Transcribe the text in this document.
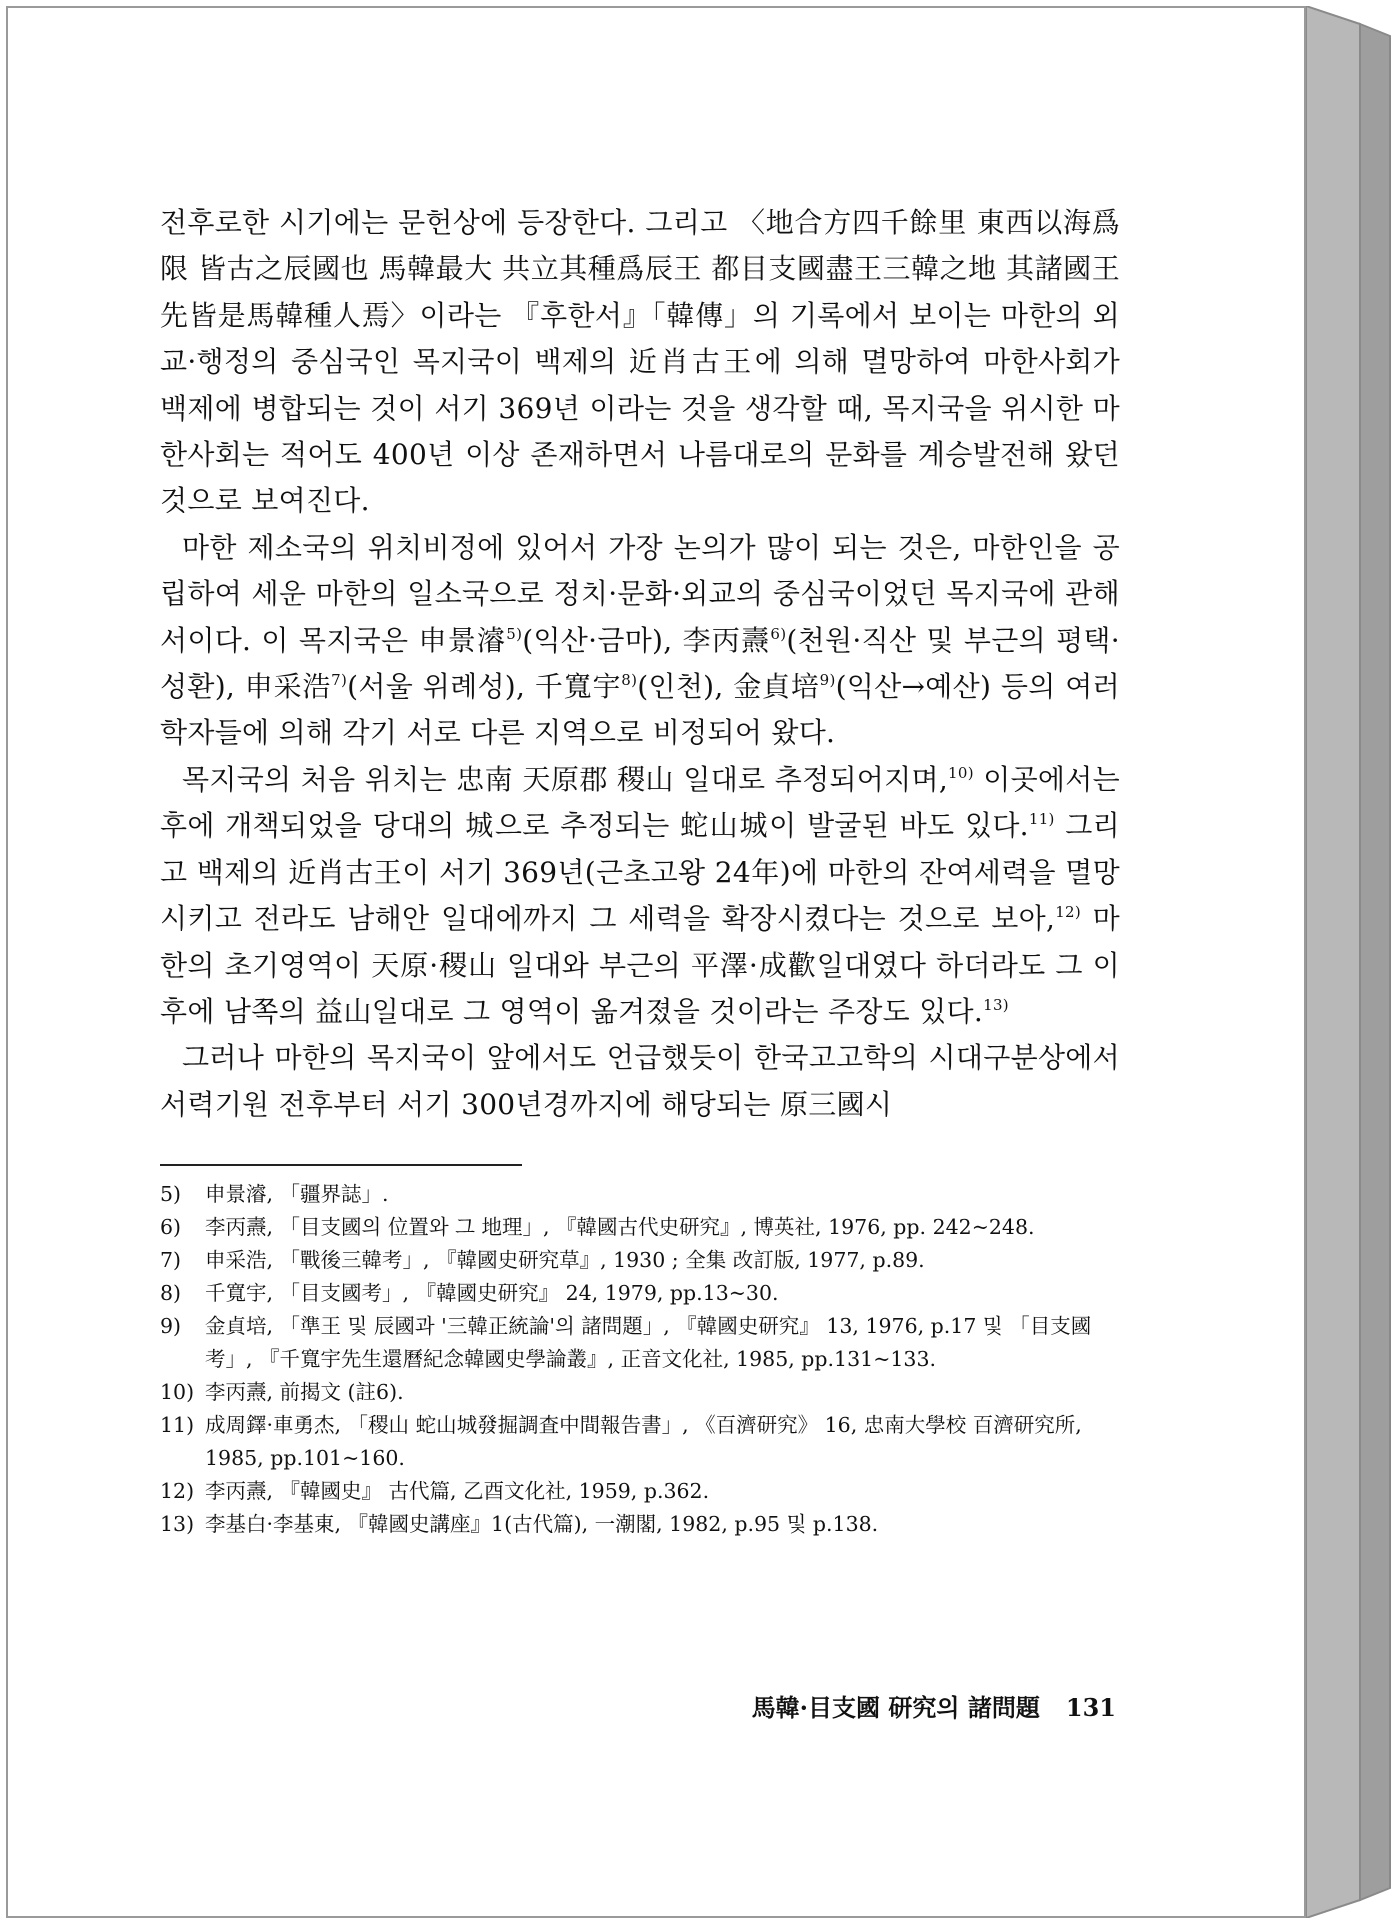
전후로한 시기에는 문헌상에 등장한다. 그리고 〈地合方四千餘里 東西以海爲限 皆古之辰國也 馬韓最大 共立其種爲辰王 都目支國盡王三韓之地 其諸國王先皆是馬韓種人焉〉이라는 『후한서』「韓傳」의 기록에서 보이는 마한의 외교·행정의 중심국인 목지국이 백제의 近肖古王에 의해 멸망하여 마한사회가 백제에 병합되는 것이 서기 369년 이라는 것을 생각할 때, 목지국을 위시한 마한사회는 적어도 400년 이상 존재하면서 나름대로의 문화를 계승발전해 왔던 것으로 보여진다.

마한 제소국의 위치비정에 있어서 가장 논의가 많이 되는 것은, 마한인을 공립하여 세운 마한의 일소국으로 정치·문화·외교의 중심국이었던 목지국에 관해서이다. 이 목지국은 申景濬$^{5)}$(익산·금마), 李丙燾$^{6)}$(천원·직산 및 부근의 평택·성환), 申采浩$^{7)}$(서울 위례성), 千寬宇$^{8)}$(인천), 金貞培$^{9)}$(익산→예산) 등의 여러 학자들에 의해 각기 서로 다른 지역으로 비정되어 왔다.

목지국의 처음 위치는 忠南 天原郡 稷山 일대로 추정되어지며,$^{10)}$ 이곳에서는 후에 개책되었을 당대의 城으로 추정되는 蛇山城이 발굴된 바도 있다.$^{11)}$ 그리고 백제의 近肖古王이 서기 369년(근초고왕 24年)에 마한의 잔여세력을 멸망시키고 전라도 남해안 일대에까지 그 세력을 확장시켰다는 것으로 보아,$^{12)}$ 마한의 초기영역이 天原·稷山 일대와 부근의 平澤·成歡일대였다 하더라도 그 이후에 남쪽의 益山일대로 그 영역이 옮겨졌을 것이라는 주장도 있다.$^{13)}$

그러나 마한의 목지국이 앞에서도 언급했듯이 한국고고학의 시대구분상에서 서력기원 전후부터 서기 300년경까지에 해당되는 原三國시

5) 申景濬, 「疆界誌」.
6) 李丙燾, 「目支國의 位置와 그 地理」, 『韓國古代史研究』, 博英社, 1976, pp. 242~248.
7) 申采浩, 「戰後三韓考」, 『韓國史研究草』, 1930 ; 全集 改訂版, 1977, p.89.
8) 千寬宇, 「目支國考」, 『韓國史研究』 24, 1979, pp.13~30.
9) 金貞培, 「準王 및 辰國과 '三韓正統論'의 諸問題」, 『韓國史研究』 13, 1976, p.17 및 「目支國考」, 『千寬宇先生還曆紀念韓國史學論叢』, 正音文化社, 1985, pp.131~133.
10) 李丙燾, 前揭文 (註6).
11) 成周鐸·車勇杰, 「稷山 蛇山城發掘調査中間報告書」, 《百濟研究》 16, 忠南大學校 百濟研究所, 1985, pp.101~160.
12) 李丙燾, 『韓國史』 古代篇, 乙酉文化社, 1959, p.362.
13) 李基白·李基東, 『韓國史講座』1(古代篇), 一潮閣, 1982, p.95 및 p.138.
馬韓·目支國 研究의 諸問題 131
